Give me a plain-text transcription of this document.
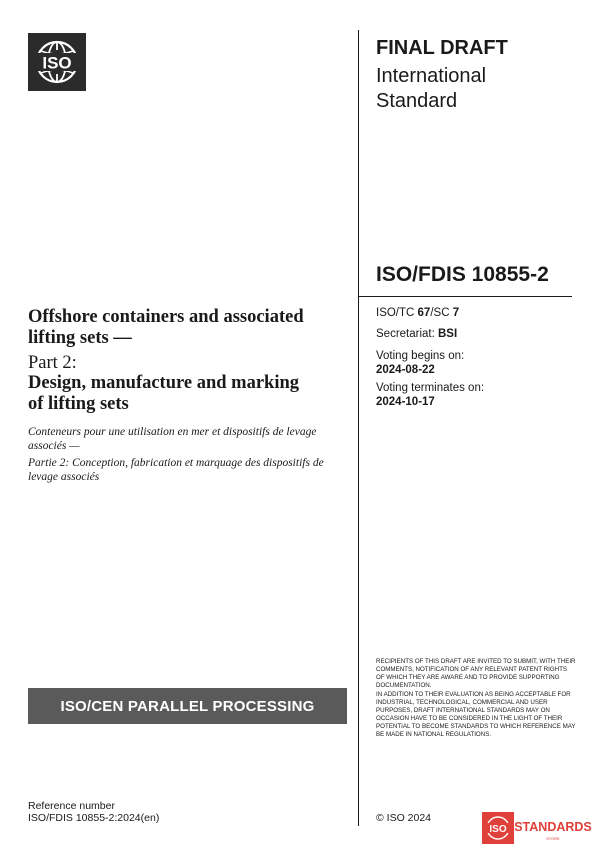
ISO
FINAL DRAFT
International
Standard
ISO/FDIS 10855-2
Offshore containers and associated
lifting sets —
Part 2:
Design, manufacture and marking
of lifting sets
Conteneurs pour une utilisation en mer et dispositifs de levage associés —
Partie 2: Conception, fabrication et marquage des dispositifs de levage associés
ISO/TC 67/SC 7
Secretariat: BSI
Voting begins on:
2024-08-22
Voting terminates on:
2024-10-17
ISO/CEN PARALLEL PROCESSING
RECIPIENTS OF THIS DRAFT ARE INVITED TO SUBMIT, WITH THEIR COMMENTS, NOTIFICATION OF ANY RELEVANT PATENT RIGHTS OF WHICH THEY ARE AWARE AND TO PROVIDE SUPPORTING DOCUMENTATION.
IN ADDITION TO THEIR EVALUATION AS BEING ACCEPTABLE FOR INDUSTRIAL, TECHNOLOGICAL, COMMERCIAL AND USER PURPOSES, DRAFT INTERNATIONAL STANDARDS MAY ON OCCASION HAVE TO BE CONSIDERED IN THE LIGHT OF THEIR POTENTIAL TO BECOME STANDARDS TO WHICH REFERENCE MAY BE MADE IN NATIONAL REGULATIONS.
Reference number
ISO/FDIS 10855-2:2024(en)	© ISO 2024
ISO STANDARDS
STORE
